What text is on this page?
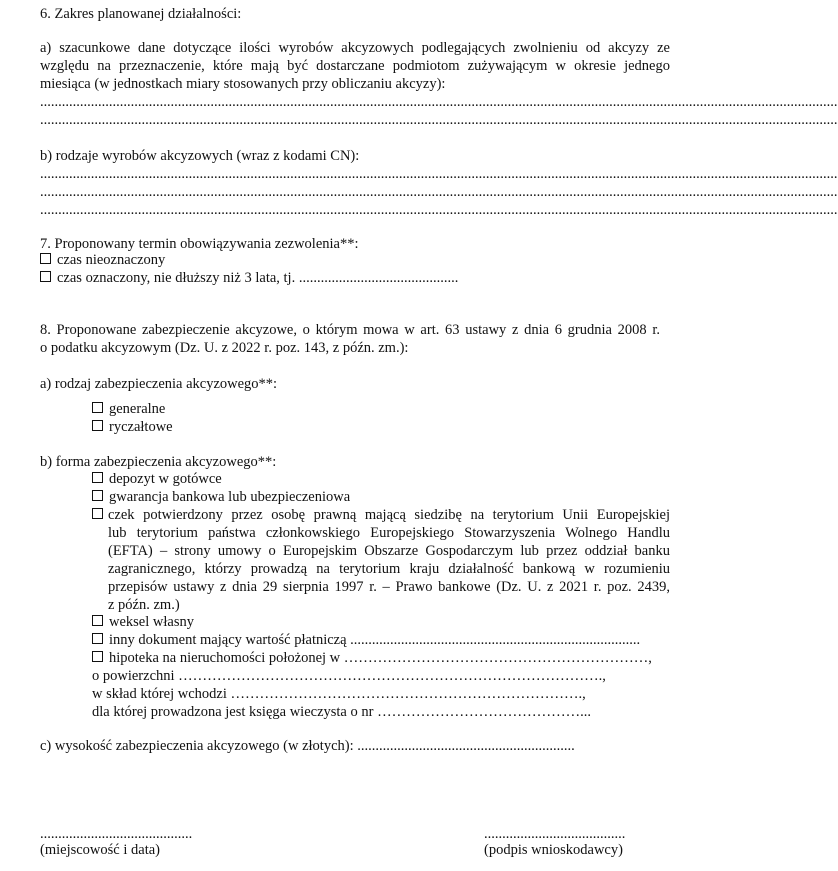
6. Zakres planowanej działalności:
a) szacunkowe dane dotyczące ilości wyrobów akcyzowych podlegających zwolnieniu od akcyzy ze
względu na przeznaczenie, które mają być dostarczane podmiotom zużywającym w okresie jednego
miesiąca (w jednostkach miary stosowanych przy obliczaniu akcyzy):
............................................................................................................................................................................................................................
............................................................................................................................................................................................................................
b) rodzaje wyrobów akcyzowych (wraz z kodami CN):
............................................................................................................................................................................................................................
............................................................................................................................................................................................................................
............................................................................................................................................................................................................................
7. Proponowany termin obowiązywania zezwolenia**:
czas nieoznaczony
czas oznaczony, nie dłuższy niż 3 lata, tj. ............................................
8. Proponowane zabezpieczenie akcyzowe, o którym mowa w art. 63 ustawy z dnia 6 grudnia 2008 r.
o podatku akcyzowym (Dz. U. z 2022 r. poz. 143, z późn. zm.):
a) rodzaj zabezpieczenia akcyzowego**:
generalne
ryczałtowe
b) forma zabezpieczenia akcyzowego**:
depozyt w gotówce
gwarancja bankowa lub ubezpieczeniowa
czek potwierdzony przez osobę prawną mającą siedzibę na terytorium Unii Europejskiej
lub terytorium państwa członkowskiego Europejskiego Stowarzyszenia Wolnego Handlu
(EFTA) – strony umowy o Europejskim Obszarze Gospodarczym lub przez oddział banku
zagranicznego, którzy prowadzą na terytorium kraju działalność bankową w rozumieniu
przepisów ustawy z dnia 29 sierpnia 1997 r. – Prawo bankowe (Dz. U. z 2021 r. poz. 2439,
z późn. zm.)
weksel własny
inny dokument mający wartość płatniczą ................................................................................
hipoteka na nieruchomości położonej w ………………………………………………………,
o powierzchni …………………………………………………………………………….,
w skład której wchodzi ……………………………………………………………….,
dla której prowadzona jest księga wieczysta o nr ……………………………………...
c) wysokość zabezpieczenia akcyzowego (w złotych): ............................................................
..........................................
(miejscowość i data)
.......................................
(podpis wnioskodawcy)
